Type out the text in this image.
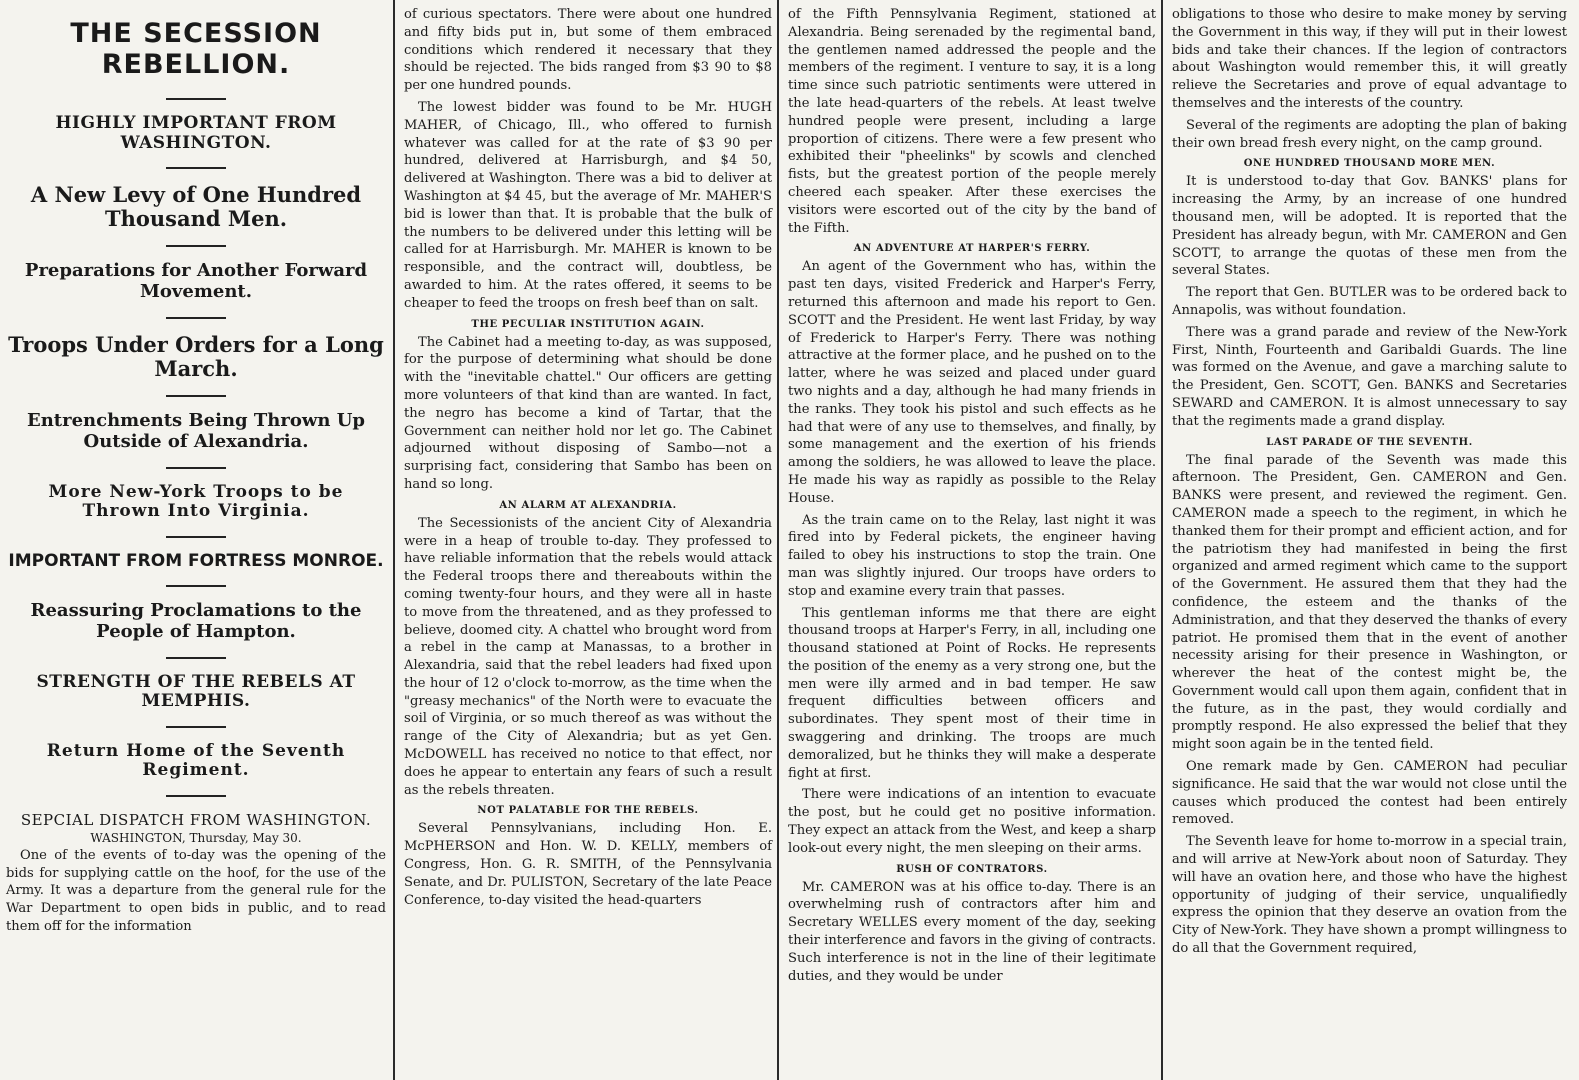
THE SECESSION REBELLION.
HIGHLY IMPORTANT FROM WASHINGTON.
A New Levy of One Hundred Thousand Men.
Preparations for Another Forward Movement.
Troops Under Orders for a Long March.
Entrenchments Being Thrown Up Outside of Alexandria.
More New-York Troops to be Thrown Into Virginia.
IMPORTANT FROM FORTRESS MONROE.
Reassuring Proclamations to the People of Hampton.
STRENGTH OF THE REBELS AT MEMPHIS.
Return Home of the Seventh Regiment.
SEPCIAL DISPATCH FROM WASHINGTON.
WASHINGTON, Thursday, May 30.

One of the events of to-day was the opening of the bids for supplying cattle on the hoof, for the use of the Army. It was a departure from the general rule for the War Department to open bids in public, and to read them off for the information

of curious spectators. There were about one hundred and fifty bids put in, but some of them embraced conditions which rendered it necessary that they should be rejected. The bids ranged from $3 90 to $8 per one hundred pounds.

The lowest bidder was found to be Mr. HUGH MAHER, of Chicago, Ill., who offered to furnish whatever was called for at the rate of $3 90 per hundred, delivered at Harrisburgh, and $4 50, delivered at Washington. There was a bid to deliver at Washington at $4 45, but the average of Mr. MAHER'S bid is lower than that. It is probable that the bulk of the numbers to be delivered under this letting will be called for at Harrisburgh. Mr. MAHER is known to be responsible, and the contract will, doubtless, be awarded to him. At the rates offered, it seems to be cheaper to feed the troops on fresh beef than on salt.

THE PECULIAR INSTITUTION AGAIN.

The Cabinet had a meeting to-day, as was supposed, for the purpose of determining what should be done with the "inevitable chattel." Our officers are getting more volunteers of that kind than are wanted. In fact, the negro has become a kind of Tartar, that the Government can neither hold nor let go. The Cabinet adjourned without disposing of Sambo—not a surprising fact, considering that Sambo has been on hand so long.

AN ALARM AT ALEXANDRIA.

The Secessionists of the ancient City of Alexandria were in a heap of trouble to-day. They professed to have reliable information that the rebels would attack the Federal troops there and thereabouts within the coming twenty-four hours, and they were all in haste to move from the threatened, and as they professed to believe, doomed city. A chattel who brought word from a rebel in the camp at Manassas, to a brother in Alexandria, said that the rebel leaders had fixed upon the hour of 12 o'clock to-morrow, as the time when the "greasy mechanics" of the North were to evacuate the soil of Virginia, or so much thereof as was without the range of the City of Alexandria; but as yet Gen. McDOWELL has received no notice to that effect, nor does he appear to entertain any fears of such a result as the rebels threaten.

NOT PALATABLE FOR THE REBELS.

Several Pennsylvanians, including Hon. E. McPHERSON and Hon. W. D. KELLY, members of Congress, Hon. G. R. SMITH, of the Pennsylvania Senate, and Dr. PULISTON, Secretary of the late Peace Conference, to-day visited the head-quarters

of the Fifth Pennsylvania Regiment, stationed at Alexandria. Being serenaded by the regimental band, the gentlemen named addressed the people and the members of the regiment. I venture to say, it is a long time since such patriotic sentiments were uttered in the late head-quarters of the rebels. At least twelve hundred people were present, including a large proportion of citizens. There were a few present who exhibited their "pheelinks" by scowls and clenched fists, but the greatest portion of the people merely cheered each speaker. After these exercises the visitors were escorted out of the city by the band of the Fifth.

AN ADVENTURE AT HARPER'S FERRY.

An agent of the Government who has, within the past ten days, visited Frederick and Harper's Ferry, returned this afternoon and made his report to Gen. SCOTT and the President. He went last Friday, by way of Frederick to Harper's Ferry. There was nothing attractive at the former place, and he pushed on to the latter, where he was seized and placed under guard two nights and a day, although he had many friends in the ranks. They took his pistol and such effects as he had that were of any use to themselves, and finally, by some management and the exertion of his friends among the soldiers, he was allowed to leave the place. He made his way as rapidly as possible to the Relay House.

As the train came on to the Relay, last night it was fired into by Federal pickets, the engineer having failed to obey his instructions to stop the train. One man was slightly injured. Our troops have orders to stop and examine every train that passes.

This gentleman informs me that there are eight thousand troops at Harper's Ferry, in all, including one thousand stationed at Point of Rocks. He represents the position of the enemy as a very strong one, but the men were illy armed and in bad temper. He saw frequent difficulties between officers and subordinates. They spent most of their time in swaggering and drinking. The troops are much demoralized, but he thinks they will make a desperate fight at first.

There were indications of an intention to evacuate the post, but he could get no positive information. They expect an attack from the West, and keep a sharp look-out every night, the men sleeping on their arms.

RUSH OF CONTRATORS.

Mr. CAMERON was at his office to-day. There is an overwhelming rush of contractors after him and Secretary WELLES every moment of the day, seeking their interference and favors in the giving of contracts. Such interference is not in the line of their legitimate duties, and they would be under

obligations to those who desire to make money by serving the Government in this way, if they will put in their lowest bids and take their chances. If the legion of contractors about Washington would remember this, it will greatly relieve the Secretaries and prove of equal advantage to themselves and the interests of the country.

Several of the regiments are adopting the plan of baking their own bread fresh every night, on the camp ground.

ONE HUNDRED THOUSAND MORE MEN.

It is understood to-day that Gov. BANKS' plans for increasing the Army, by an increase of one hundred thousand men, will be adopted. It is reported that the President has already begun, with Mr. CAMERON and Gen SCOTT, to arrange the quotas of these men from the several States.

The report that Gen. BUTLER was to be ordered back to Annapolis, was without foundation.

There was a grand parade and review of the New-York First, Ninth, Fourteenth and Garibaldi Guards. The line was formed on the Avenue, and gave a marching salute to the President, Gen. SCOTT, Gen. BANKS and Secretaries SEWARD and CAMERON. It is almost unnecessary to say that the regiments made a grand display.

LAST PARADE OF THE SEVENTH.

The final parade of the Seventh was made this afternoon. The President, Gen. CAMERON and Gen. BANKS were present, and reviewed the regiment. Gen. CAMERON made a speech to the regiment, in which he thanked them for their prompt and efficient action, and for the patriotism they had manifested in being the first organized and armed regiment which came to the support of the Government. He assured them that they had the confidence, the esteem and the thanks of the Administration, and that they deserved the thanks of every patriot. He promised them that in the event of another necessity arising for their presence in Washington, or wherever the heat of the contest might be, the Government would call upon them again, confident that in the future, as in the past, they would cordially and promptly respond. He also expressed the belief that they might soon again be in the tented field.

One remark made by Gen. CAMERON had peculiar significance. He said that the war would not close until the causes which produced the contest had been entirely removed.

The Seventh leave for home to-morrow in a special train, and will arrive at New-York about noon of Saturday. They will have an ovation here, and those who have the highest opportunity of judging of their service, unqualifiedly express the opinion that they deserve an ovation from the City of New-York. They have shown a prompt willingness to do all that the Government required,
